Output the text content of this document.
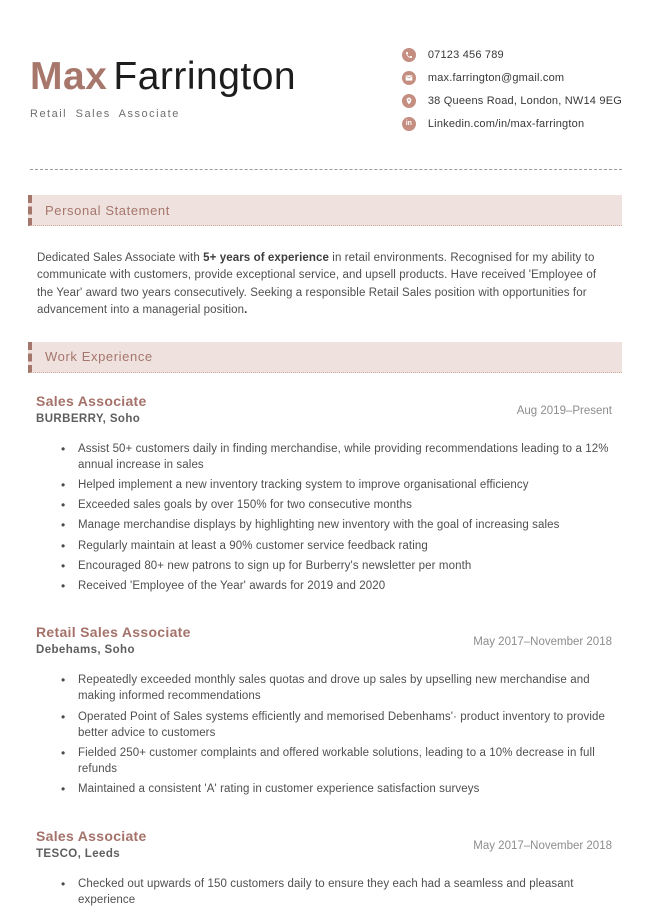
Max Farrington
Retail Sales Associate
07123 456 789
max.farrington@gmail.com
38 Queens Road, London, NW14 9EG
in Linkedin.com/in/max-farrington
Personal Statement

Dedicated Sales Associate with 5+ years of experience in retail environments. Recognised for my ability to communicate with customers, provide exceptional service, and upsell products. Have received 'Employee of the Year' award two years consecutively. Seeking a responsible Retail Sales position with opportunities for advancement into a managerial position.

Work Experience
Sales Associate
BURBERRY, Soho
Aug 2019–Present
• Assist 50+ customers daily in finding merchandise, while providing recommendations leading to a 12% annual increase in sales
• Helped implement a new inventory tracking system to improve organisational efficiency
• Exceeded sales goals by over 150% for two consecutive months
• Manage merchandise displays by highlighting new inventory with the goal of increasing sales
• Regularly maintain at least a 90% customer service feedback rating
• Encouraged 80+ new patrons to sign up for Burberry's newsletter per month
• Received 'Employee of the Year' awards for 2019 and 2020
Retail Sales Associate
Debehams, Soho
May 2017–November 2018
• Repeatedly exceeded monthly sales quotas and drove up sales by upselling new merchandise and making informed recommendations
• Operated Point of Sales systems efficiently and memorised Debenhams'· product inventory to provide better advice to customers
• Fielded 250+ customer complaints and offered workable solutions, leading to a 10% decrease in full refunds
• Maintained a consistent 'A' rating in customer experience satisfaction surveys
Sales Associate
TESCO, Leeds
May 2017–November 2018
• Checked out upwards of 150 customers daily to ensure they each had a seamless and pleasant experience
